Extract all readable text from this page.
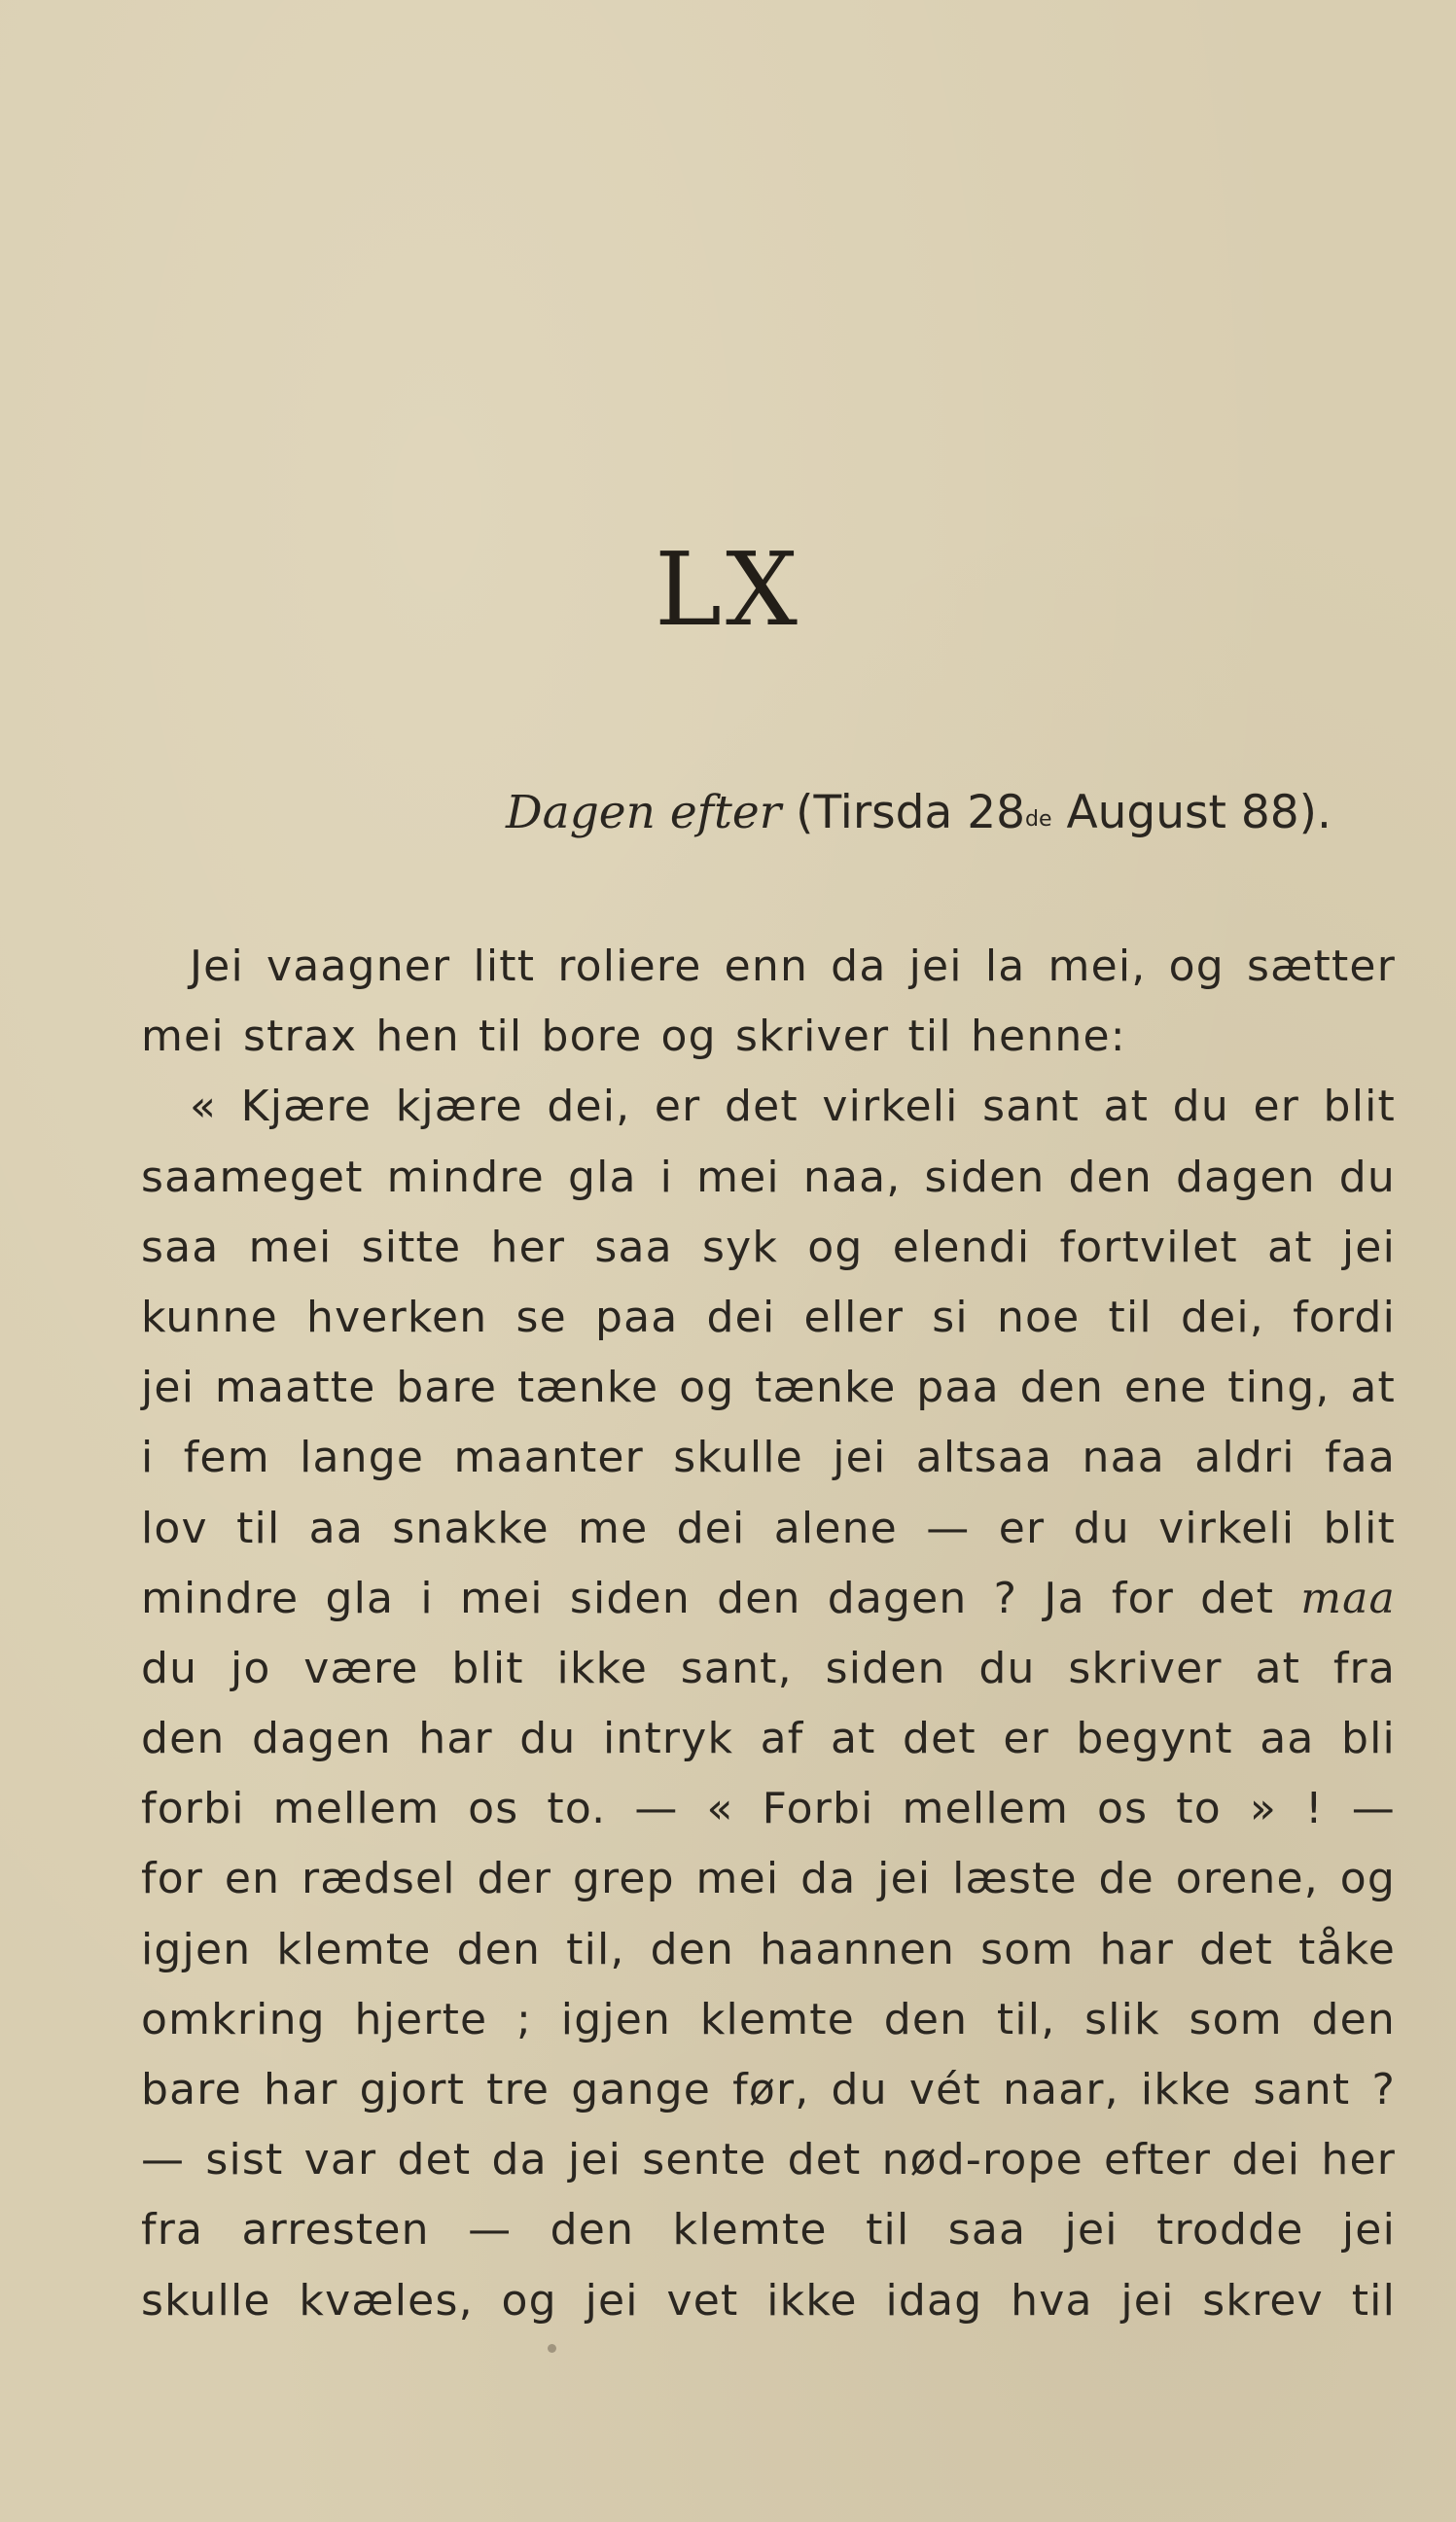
LX
Dagen efter (Tirsda 28de August 88).
Jei vaagner litt roliere enn da jei la mei, og sætter
mei strax hen til bore og skriver til henne:
« Kjære kjære dei, er det virkeli sant at du er blit
saameget mindre gla i mei naa, siden den dagen du
saa mei sitte her saa syk og elendi fortvilet at jei
kunne hverken se paa dei eller si noe til dei, fordi
jei maatte bare tænke og tænke paa den ene ting, at
i fem lange maanter skulle jei altsaa naa aldri faa
lov til aa snakke me dei alene — er du virkeli blit
mindre gla i mei siden den dagen ? Ja for det maa
du jo være blit ikke sant, siden du skriver at fra
den dagen har du intryk af at det er begynt aa bli
forbi mellem os to. — « Forbi mellem os to » ! —
for en rædsel der grep mei da jei læste de orene, og
igjen klemte den til, den haannen som har det tåke
omkring hjerte ; igjen klemte den til, slik som den
bare har gjort tre gange før, du vét naar, ikke sant ?
— sist var det da jei sente det nød-rope efter dei her
fra arresten — den klemte til saa jei trodde jei
skulle kvæles, og jei vet ikke idag hva jei skrev til
